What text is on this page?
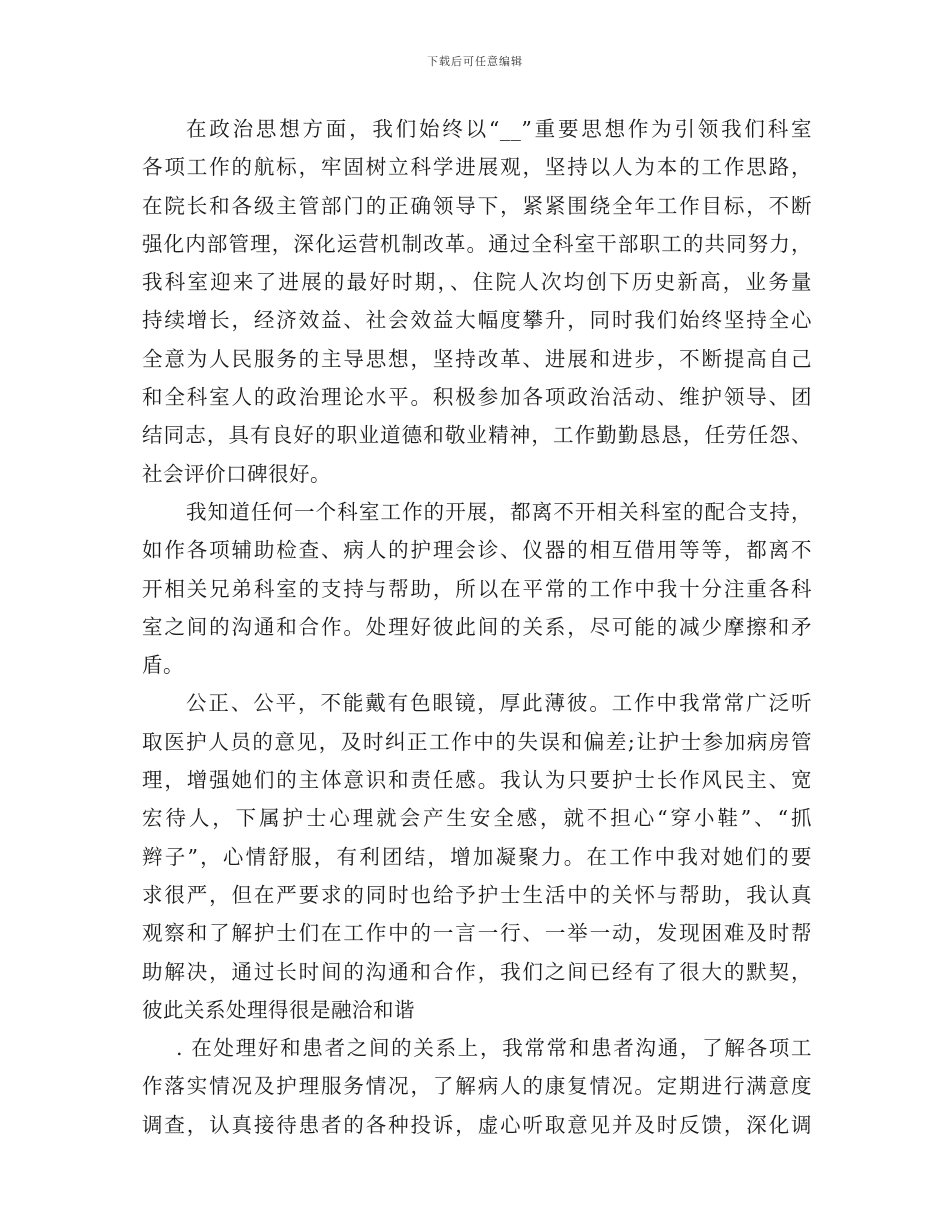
下载后可任意编辑
在政治思想方面，我们始终以“__”重要思想作为引领我们科室
各项工作的航标，牢固树立科学进展观，坚持以人为本的工作思路，
在院长和各级主管部门的正确领导下，紧紧围绕全年工作目标，不断
强化内部管理，深化运营机制改革。通过全科室干部职工的共同努力，
我科室迎来了进展的最好时期，、住院人次均创下历史新高，业务量
持续增长，经济效益、社会效益大幅度攀升，同时我们始终坚持全心
全意为人民服务的主导思想，坚持改革、进展和进步，不断提高自己
和全科室人的政治理论水平。积极参加各项政治活动、维护领导、团
结同志，具有良好的职业道德和敬业精神，工作勤勤恳恳，任劳任怨、
社会评价口碑很好。
我知道任何一个科室工作的开展，都离不开相关科室的配合支持，
如作各项辅助检查、病人的护理会诊、仪器的相互借用等等，都离不
开相关兄弟科室的支持与帮助，所以在平常的工作中我十分注重各科
室之间的沟通和合作。处理好彼此间的关系，尽可能的减少摩擦和矛
盾。
公正、公平，不能戴有色眼镜，厚此薄彼。工作中我常常广泛听
取医护人员的意见，及时纠正工作中的失误和偏差;让护士参加病房管
理，增强她们的主体意识和责任感。我认为只要护士长作风民主、宽
宏待人，下属护士心理就会产生安全感，就不担心“穿小鞋”、“抓
辫子”，心情舒服，有利团结，增加凝聚力。在工作中我对她们的要
求很严，但在严要求的同时也给予护士生活中的关怀与帮助，我认真
观察和了解护士们在工作中的一言一行、一举一动，发现困难及时帮
助解决，通过长时间的沟通和合作，我们之间已经有了很大的默契，
彼此关系处理得很是融洽和谐
. 在处理好和患者之间的关系上，我常常和患者沟通，了解各项工
作落实情况及护理服务情况，了解病人的康复情况。定期进行满意度
调查，认真接待患者的各种投诉，虚心听取意见并及时反馈，深化调
